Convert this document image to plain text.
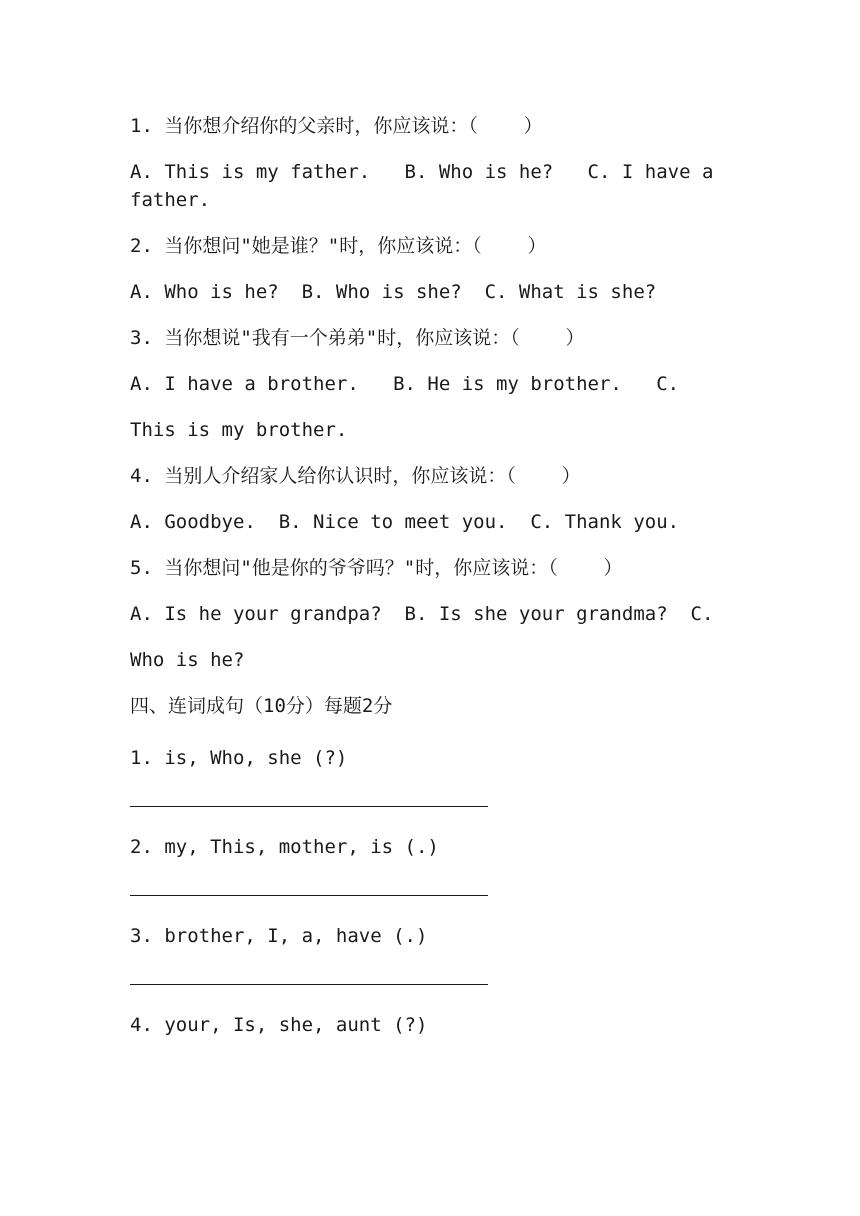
1. 当你想介绍你的父亲时，你应该说：（    ）

A. This is my father.   B. Who is he?   C. I have a father.

2. 当你想问"她是谁？"时，你应该说：（    ）

A. Who is he?  B. Who is she?  C. What is she?

3. 当你想说"我有一个弟弟"时，你应该说：（    ）

A. I have a brother.   B. He is my brother.   C. This is my brother.

4. 当别人介绍家人给你认识时，你应该说：（    ）

A. Goodbye.  B. Nice to meet you.  C. Thank you.

5. 当你想问"他是你的爷爷吗？"时，你应该说：（    ）

A. Is he your grandpa?  B. Is she your grandma?  C. Who is he?

四、连词成句（10分）每题2分

1. is, Who, she (?)

2. my, This, mother, is (.)

3. brother, I, a, have (.)

4. your, Is, she, aunt (?)
